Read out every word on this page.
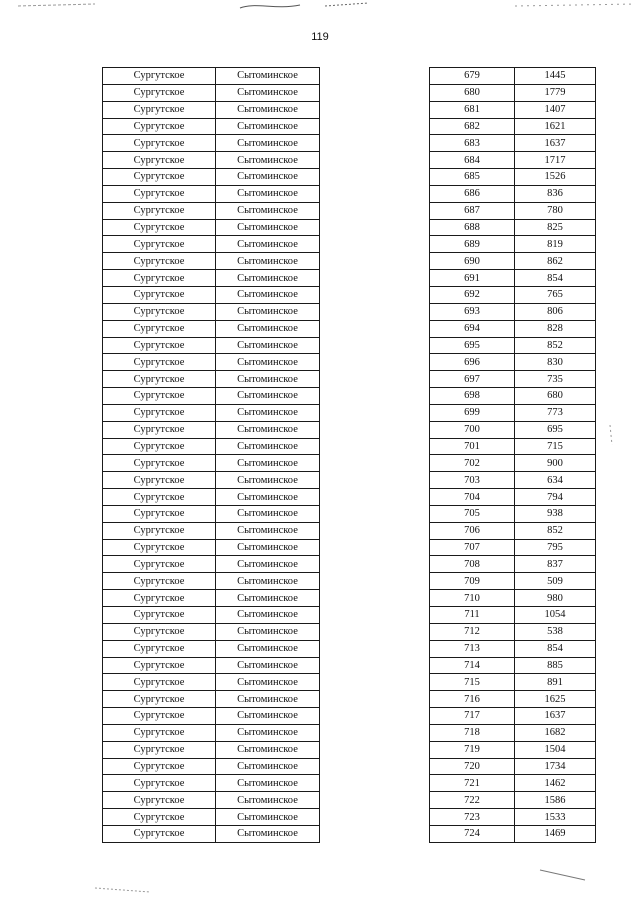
119
Сургутское	Сытоминское		679	1445
Сургутское	Сытоминское		680	1779
Сургутское	Сытоминское		681	1407
Сургутское	Сытоминское		682	1621
Сургутское	Сытоминское		683	1637
Сургутское	Сытоминское		684	1717
Сургутское	Сытоминское		685	1526
Сургутское	Сытоминское		686	836
Сургутское	Сытоминское		687	780
Сургутское	Сытоминское		688	825
Сургутское	Сытоминское		689	819
Сургутское	Сытоминское		690	862
Сургутское	Сытоминское		691	854
Сургутское	Сытоминское		692	765
Сургутское	Сытоминское		693	806
Сургутское	Сытоминское		694	828
Сургутское	Сытоминское		695	852
Сургутское	Сытоминское		696	830
Сургутское	Сытоминское		697	735
Сургутское	Сытоминское		698	680
Сургутское	Сытоминское		699	773
Сургутское	Сытоминское		700	695
Сургутское	Сытоминское		701	715
Сургутское	Сытоминское		702	900
Сургутское	Сытоминское		703	634
Сургутское	Сытоминское		704	794
Сургутское	Сытоминское		705	938
Сургутское	Сытоминское		706	852
Сургутское	Сытоминское		707	795
Сургутское	Сытоминское		708	837
Сургутское	Сытоминское		709	509
Сургутское	Сытоминское		710	980
Сургутское	Сытоминское		711	1054
Сургутское	Сытоминское		712	538
Сургутское	Сытоминское		713	854
Сургутское	Сытоминское		714	885
Сургутское	Сытоминское		715	891
Сургутское	Сытоминское		716	1625
Сургутское	Сытоминское		717	1637
Сургутское	Сытоминское		718	1682
Сургутское	Сытоминское		719	1504
Сургутское	Сытоминское		720	1734
Сургутское	Сытоминское		721	1462
Сургутское	Сытоминское		722	1586
Сургутское	Сытоминское		723	1533
Сургутское	Сытоминское		724	1469
